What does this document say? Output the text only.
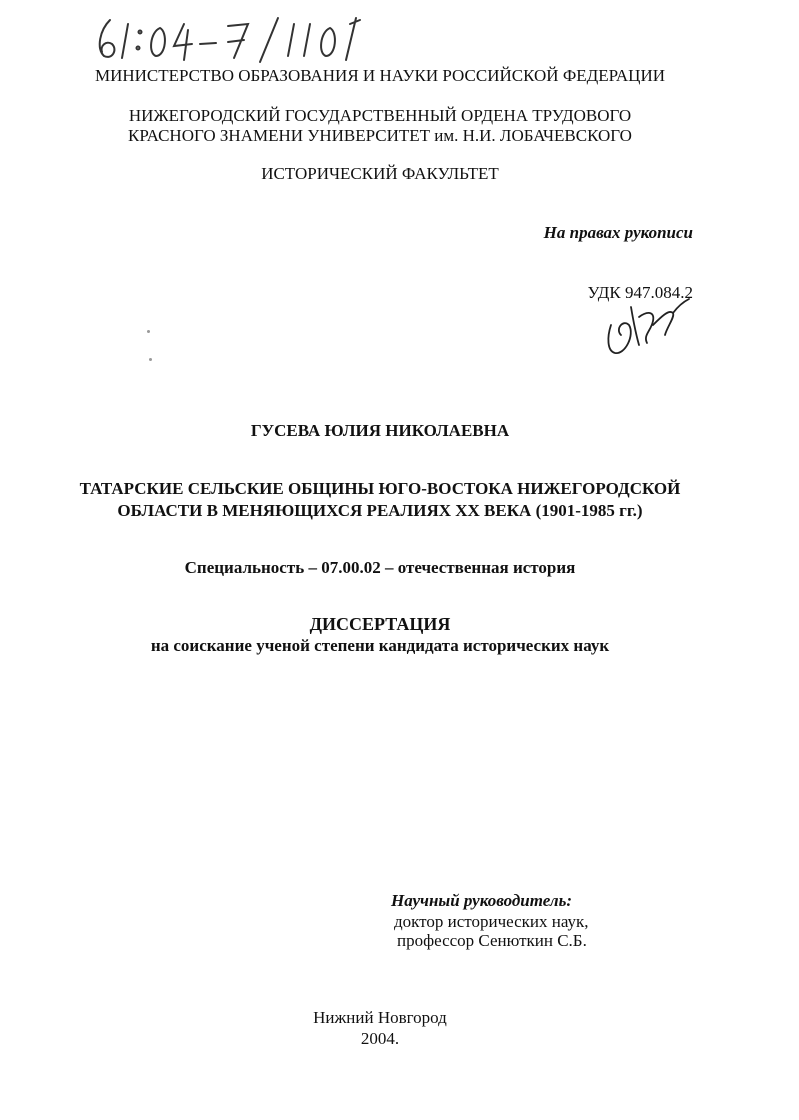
МИНИСТЕРСТВО ОБРАЗОВАНИЯ И НАУКИ РОССИЙСКОЙ ФЕДЕРАЦИИ
НИЖЕГОРОДСКИЙ ГОСУДАРСТВЕННЫЙ ОРДЕНА ТРУДОВОГО
КРАСНОГО ЗНАМЕНИ УНИВЕРСИТЕТ им. Н.И. ЛОБАЧЕВСКОГО
ИСТОРИЧЕСКИЙ ФАКУЛЬТЕТ
На правах рукописи
УДК 947.084.2
ГУСЕВА ЮЛИЯ НИКОЛАЕВНА
ТАТАРСКИЕ СЕЛЬСКИЕ ОБЩИНЫ ЮГО-ВОСТОКА НИЖЕГОРОДСКОЙ
ОБЛАСТИ В МЕНЯЮЩИХСЯ РЕАЛИЯХ XX ВЕКА (1901-1985 гг.)
Специальность – 07.00.02 – отечественная история
ДИССЕРТАЦИЯ
на соискание ученой степени кандидата исторических наук
Научный руководитель:
доктор исторических наук,
профессор Сенюткин С.Б.
Нижний Новгород
2004.
